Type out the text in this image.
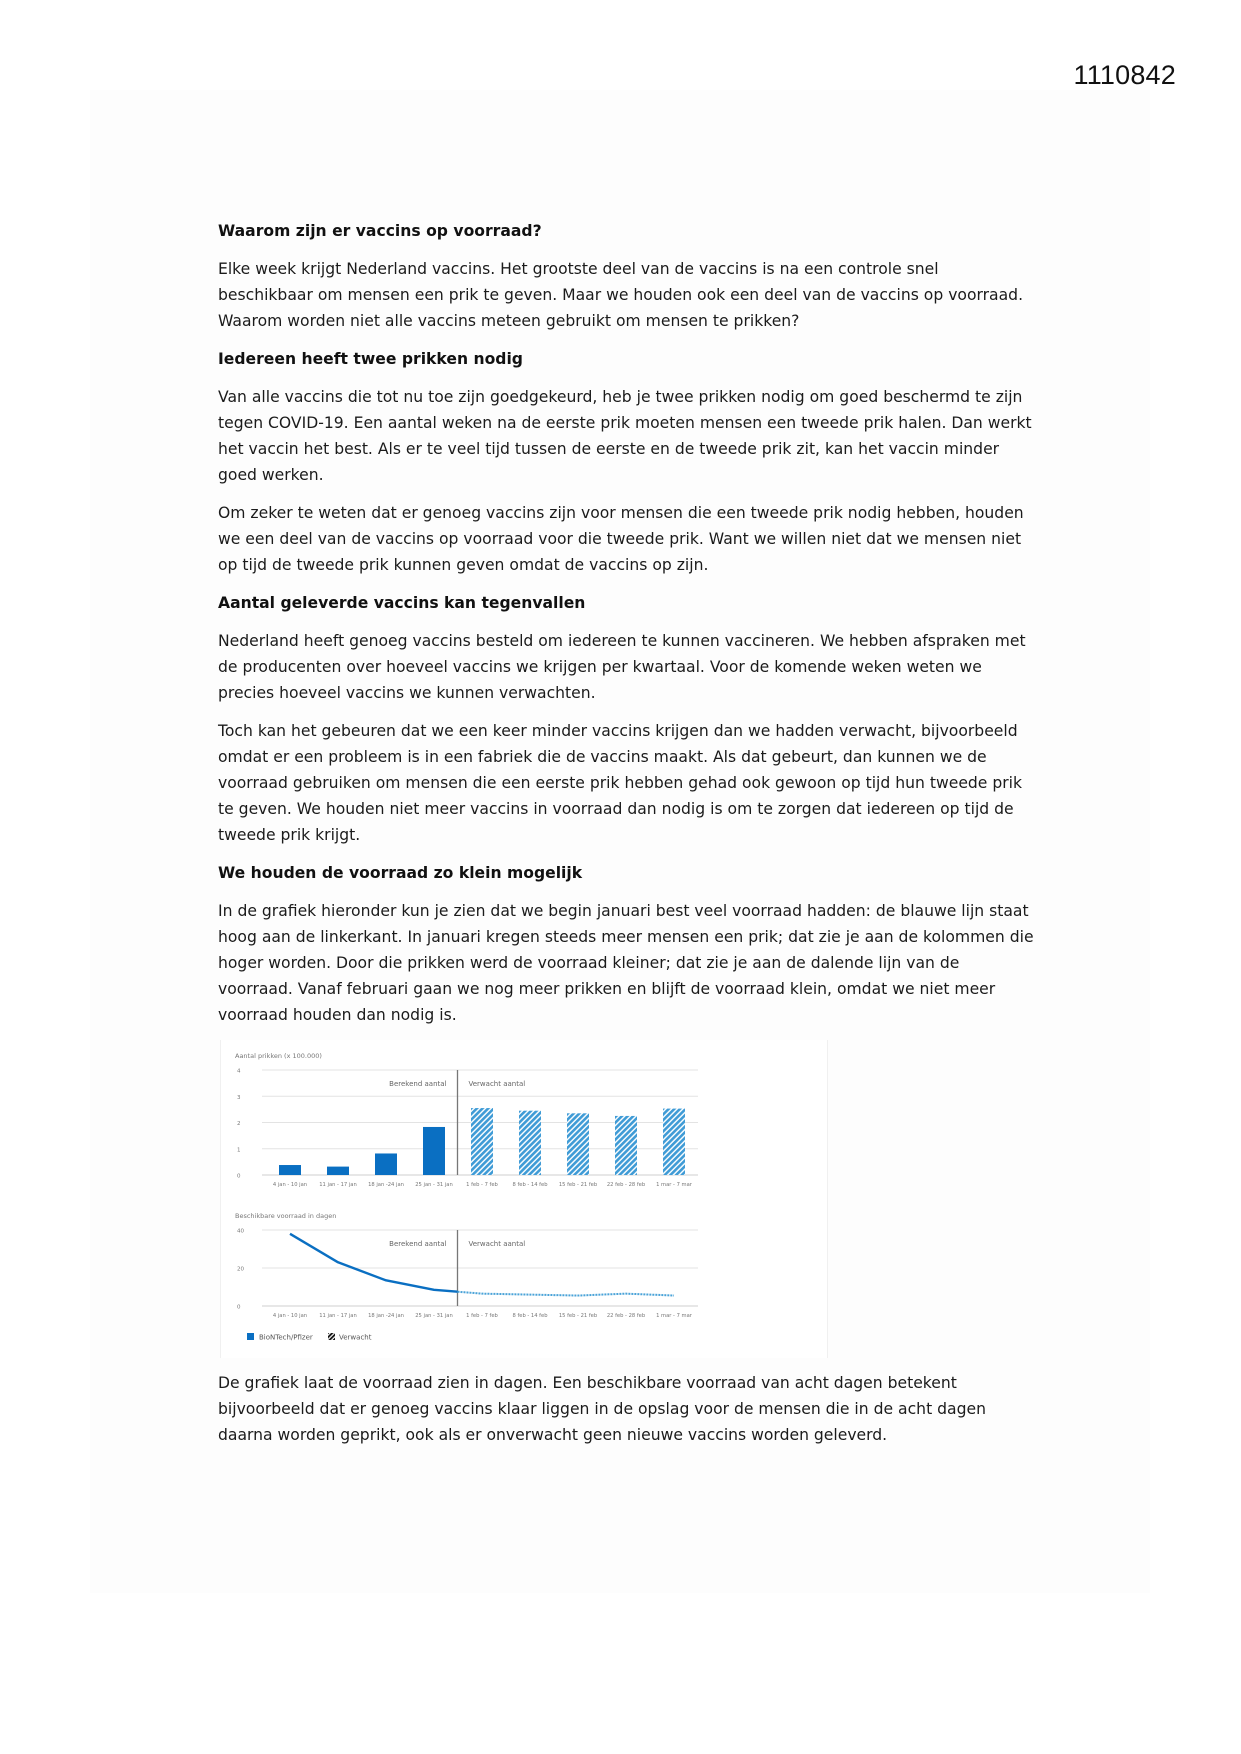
1110842
Waarom zijn er vaccins op voorraad?

Elke week krijgt Nederland vaccins. Het grootste deel van de vaccins is na een controle snel beschikbaar om mensen een prik te geven. Maar we houden ook een deel van de vaccins op voorraad. Waarom worden niet alle vaccins meteen gebruikt om mensen te prikken?

Iedereen heeft twee prikken nodig

Van alle vaccins die tot nu toe zijn goedgekeurd, heb je twee prikken nodig om goed beschermd te zijn tegen COVID-19. Een aantal weken na de eerste prik moeten mensen een tweede prik halen. Dan werkt het vaccin het best. Als er te veel tijd tussen de eerste en de tweede prik zit, kan het vaccin minder goed werken.

Om zeker te weten dat er genoeg vaccins zijn voor mensen die een tweede prik nodig hebben, houden we een deel van de vaccins op voorraad voor die tweede prik. Want we willen niet dat we mensen niet op tijd de tweede prik kunnen geven omdat de vaccins op zijn.

Aantal geleverde vaccins kan tegenvallen

Nederland heeft genoeg vaccins besteld om iedereen te kunnen vaccineren. We hebben afspraken met de producenten over hoeveel vaccins we krijgen per kwartaal. Voor de komende weken weten we precies hoeveel vaccins we kunnen verwachten.

Toch kan het gebeuren dat we een keer minder vaccins krijgen dan we hadden verwacht, bijvoorbeeld omdat er een probleem is in een fabriek die de vaccins maakt. Als dat gebeurt, dan kunnen we de voorraad gebruiken om mensen die een eerste prik hebben gehad ook gewoon op tijd hun tweede prik te geven. We houden niet meer vaccins in voorraad dan nodig is om te zorgen dat iedereen op tijd de tweede prik krijgt.

We houden de voorraad zo klein mogelijk

In de grafiek hieronder kun je zien dat we begin januari best veel voorraad hadden: de blauwe lijn staat hoog aan de linkerkant. In januari kregen steeds meer mensen een prik; dat zie je aan de kolommen die hoger worden. Door die prikken werd de voorraad kleiner; dat zie je aan de dalende lijn van de voorraad. Vanaf februari gaan we nog meer prikken en blijft de voorraad klein, omdat we niet meer voorraad houden dan nodig is.

Aantal prikken (x 100.000)
0
1
2
3
4
4 jan - 10 jan 11 jan - 17 jan 18 jan -24 jan 25 jan - 31 jan	1 feb - 7 feb	8 feb - 14 feb 15 feb - 21 feb 22 feb - 28 feb 1 mar - 7 mar
Berekend aantal	Verwacht aantal
Beschikbare voorraad in dagen
0
20
40
4 jan - 10 jan 11 jan - 17 jan 18 jan -24 jan 25 jan - 31 jan	1 feb - 7 feb	8 feb - 14 feb 15 feb - 21 feb 22 feb - 28 feb 1 mar - 7 mar
Berekend aantal	Verwacht aantal
BioNTech/Pfizer	Verwacht

De grafiek laat de voorraad zien in dagen. Een beschikbare voorraad van acht dagen betekent bijvoorbeeld dat er genoeg vaccins klaar liggen in de opslag voor de mensen die in de acht dagen daarna worden geprikt, ook als er onverwacht geen nieuwe vaccins worden geleverd.
